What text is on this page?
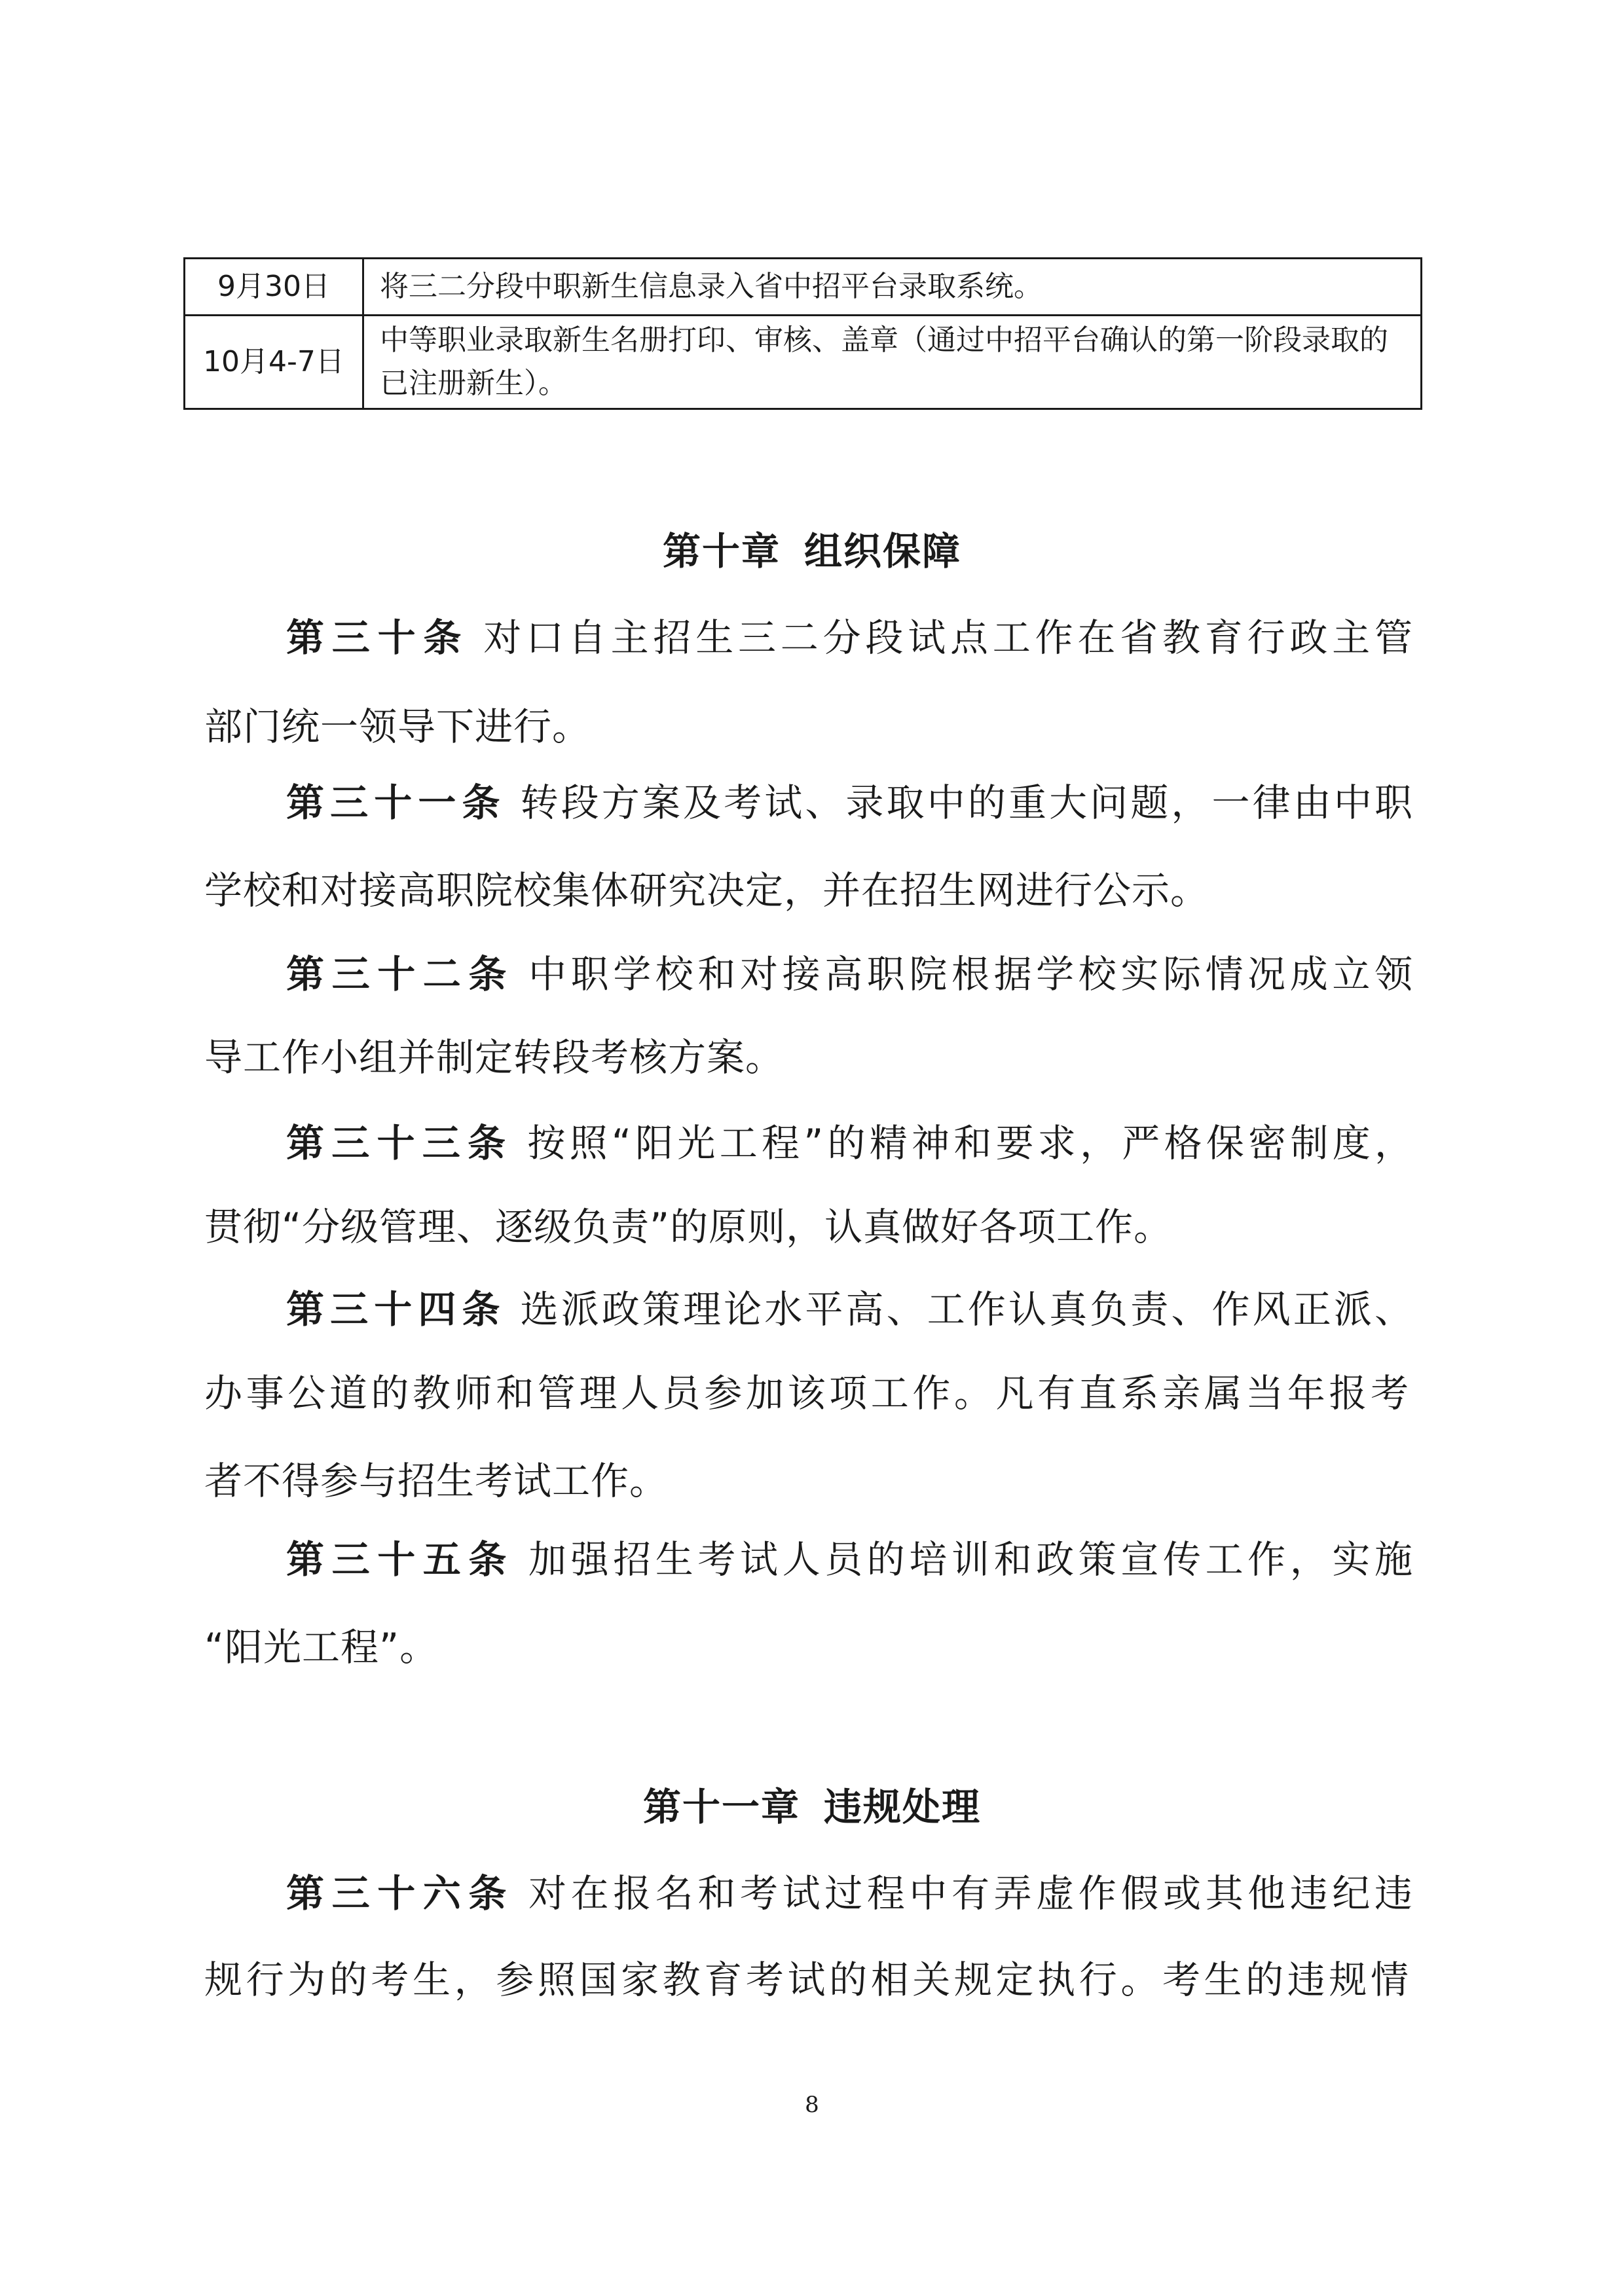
9月30日	将三二分段中职新生信息录入省中招平台录取系统。
10月4-7日	中等职业录取新生名册打印、审核、盖章（通过中招平台确认的第一阶段录取的已注册新生）。
第十章 组织保障
第三十条 对口自主招生三二分段试点工作在省教育行政主管
部门统一领导下进行。
第三十一条 转段方案及考试、录取中的重大问题，一律由中职
学校和对接高职院校集体研究决定，并在招生网进行公示。
第三十二条 中职学校和对接高职院根据学校实际情况成立领
导工作小组并制定转段考核方案。
第三十三条 按照“阳光工程”的精神和要求，严格保密制度，
贯彻“分级管理、逐级负责”的原则，认真做好各项工作。
第三十四条 选派政策理论水平高、工作认真负责、作风正派、
办事公道的教师和管理人员参加该项工作。凡有直系亲属当年报考
者不得参与招生考试工作。
第三十五条 加强招生考试人员的培训和政策宣传工作，实施
“阳光工程”。
第十一章 违规处理
第三十六条 对在报名和考试过程中有弄虚作假或其他违纪违
规行为的考生，参照国家教育考试的相关规定执行。考生的违规情
8
